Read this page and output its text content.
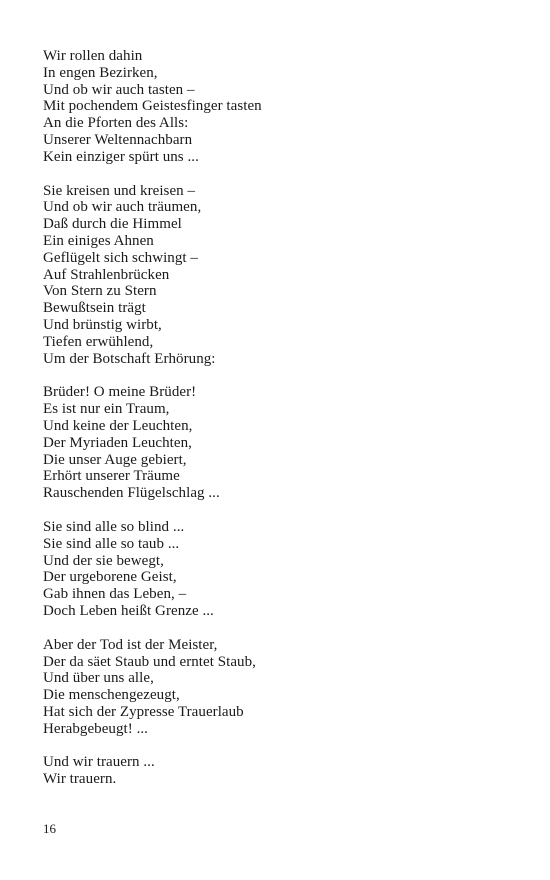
Wir rollen dahin
In engen Bezirken,
Und ob wir auch tasten –
Mit pochendem Geistesfinger tasten
An die Pforten des Alls:
Unserer Weltennachbarn
Kein einziger spürt uns ...
Sie kreisen und kreisen –
Und ob wir auch träumen,
Daß durch die Himmel
Ein einiges Ahnen
Geflügelt sich schwingt –
Auf Strahlenbrücken
Von Stern zu Stern
Bewußtsein trägt
Und brünstig wirbt,
Tiefen erwühlend,
Um der Botschaft Erhörung:
Brüder! O meine Brüder!
Es ist nur ein Traum,
Und keine der Leuchten,
Der Myriaden Leuchten,
Die unser Auge gebiert,
Erhört unserer Träume
Rauschenden Flügelschlag ...
Sie sind alle so blind ...
Sie sind alle so taub ...
Und der sie bewegt,
Der urgeborene Geist,
Gab ihnen das Leben, –
Doch Leben heißt Grenze ...
Aber der Tod ist der Meister,
Der da säet Staub und erntet Staub,
Und über uns alle,
Die menschengezeugt,
Hat sich der Zypresse Trauerlaub
Herabgebeugt! ...
Und wir trauern ...
Wir trauern.
16
